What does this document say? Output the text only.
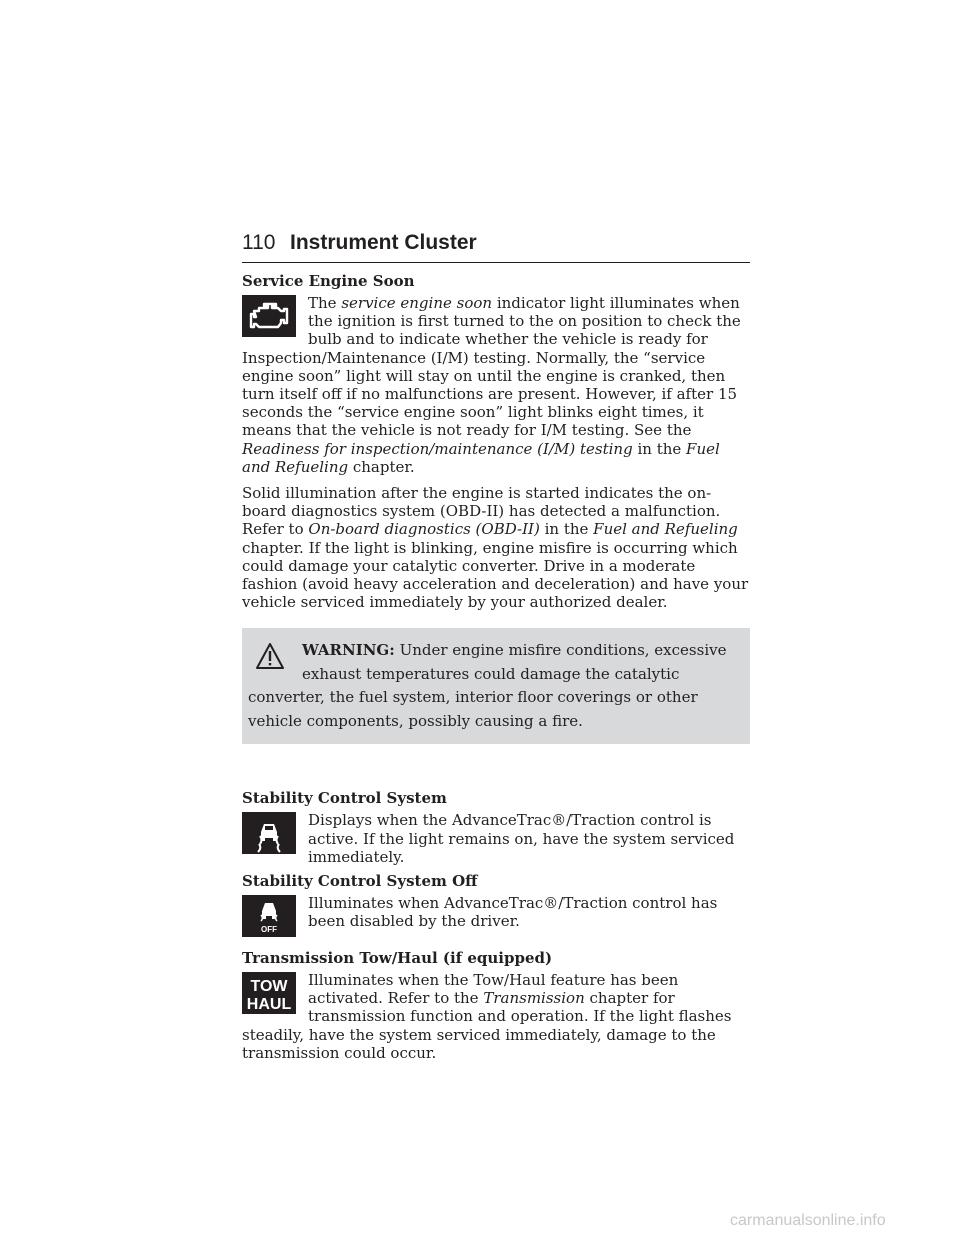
110 Instrument Cluster
Service Engine Soon

The service engine soon indicator light illuminates when the ignition is first turned to the on position to check the bulb and to indicate whether the vehicle is ready for Inspection/Maintenance (I/M) testing. Normally, the “service engine soon” light will stay on until the engine is cranked, then turn itself off if no malfunctions are present. However, if after 15 seconds the “service engine soon” light blinks eight times, it means that the vehicle is not ready for I/M testing. See the Readiness for inspection/maintenance (I/M) testing in the Fuel and Refueling chapter.

Solid illumination after the engine is started indicates the on-board diagnostics system (OBD-II) has detected a malfunction. Refer to On-board diagnostics (OBD-II) in the Fuel and Refueling chapter. If the light is blinking, engine misfire is occurring which could damage your catalytic converter. Drive in a moderate fashion (avoid heavy acceleration and deceleration) and have your vehicle serviced immediately by your authorized dealer.

WARNING: Under engine misfire conditions, excessive exhaust temperatures could damage the catalytic converter, the fuel system, interior floor coverings or other vehicle components, possibly causing a fire.
Stability Control System

Displays when the AdvanceTrac®/Traction control is active. If the light remains on, have the system serviced immediately.

Stability Control System Off
OFF

Illuminates when AdvanceTrac®/Traction control has been disabled by the driver.

Transmission Tow/Haul (if equipped)
TOW
HAUL

Illuminates when the Tow/Haul feature has been activated. Refer to the Transmission chapter for transmission function and operation. If the light flashes steadily, have the system serviced immediately, damage to the transmission could occur.

carmanualsonline.info
